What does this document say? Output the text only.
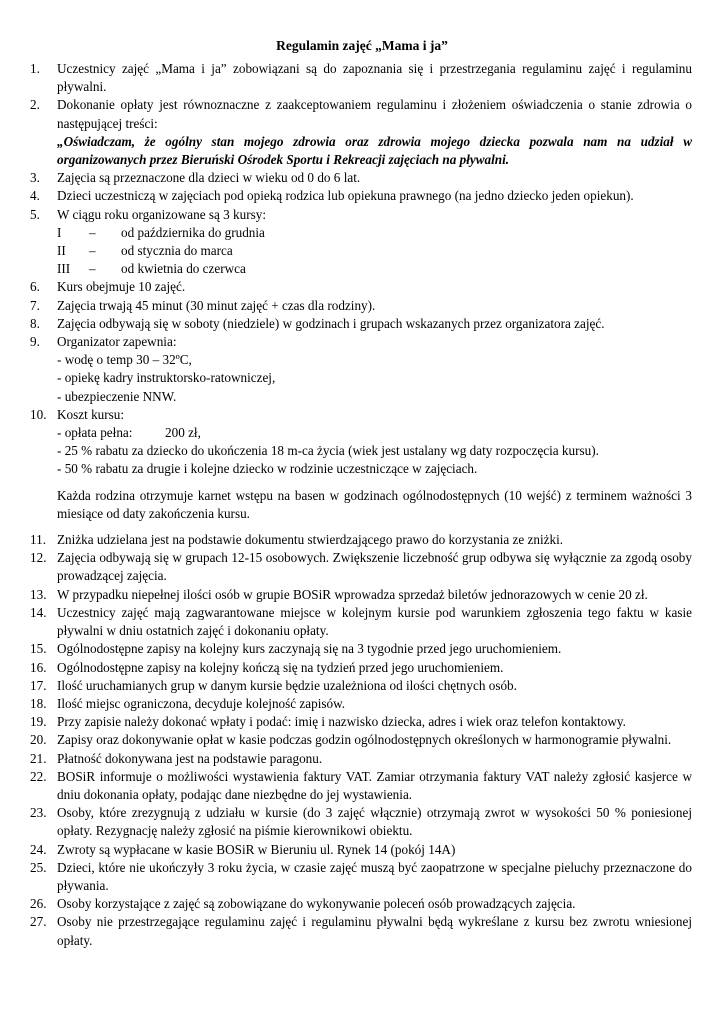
Regulamin zajęć „Mama i ja”
1. Uczestnicy zajęć „Mama i ja” zobowiązani są do zapoznania się i przestrzegania regulaminu zajęć i regulaminu pływalni.

2. Dokonanie opłaty jest równoznaczne z zaakceptowaniem regulaminu i złożeniem oświadczenia o stanie zdrowia o następującej treści:

„Oświadczam, że ogólny stan mojego zdrowia oraz zdrowia mojego dziecka pozwala nam na udział w organizowanych przez Bieruński Ośrodek Sportu i Rekreacji zajęciach na pływalni.

3. Zajęcia są przeznaczone dla dzieci w wieku od 0 do 6 lat.

4. Dzieci uczestniczą w zajęciach pod opieką rodzica lub opiekuna prawnego (na jedno dziecko jeden opiekun).

5. W ciągu roku organizowane są 3 kursy:

I	–	od października do grudnia
II	–	od stycznia do marca
III	–	od kwietnia do czerwca
6. Kurs obejmuje 10 zajęć.

7. Zajęcia trwają 45 minut (30 minut zajęć + czas dla rodziny).

8. Zajęcia odbywają się w soboty (niedziele) w godzinach i grupach wskazanych przez organizatora zajęć.

9. Organizator zapewnia:

- wodę o temp 30 – 32ºC,

- opiekę kadry instruktorsko-ratowniczej,

- ubezpieczenie NNW.

10. Koszt kursu:

- opłata pełna: 200 zł,

- 25 % rabatu za dziecko do ukończenia 18 m-ca życia (wiek jest ustalany wg daty rozpoczęcia kursu).

- 50 % rabatu za drugie i kolejne dziecko w rodzinie uczestniczące w zajęciach.

Każda rodzina otrzymuje karnet wstępu na basen w godzinach ogólnodostępnych (10 wejść) z terminem ważności 3 miesiące od daty zakończenia kursu.

11. Zniżka udzielana jest na podstawie dokumentu stwierdzającego prawo do korzystania ze zniżki.

12. Zajęcia odbywają się w grupach 12-15 osobowych. Zwiększenie liczebność grup odbywa się wyłącznie za zgodą osoby prowadzącej zajęcia.

13. W przypadku niepełnej ilości osób w grupie BOSiR wprowadza sprzedaż biletów jednorazowych w cenie 20 zł.

14. Uczestnicy zajęć mają zagwarantowane miejsce w kolejnym kursie pod warunkiem zgłoszenia tego faktu w kasie pływalni w dniu ostatnich zajęć i dokonaniu opłaty.

15. Ogólnodostępne zapisy na kolejny kurs zaczynają się na 3 tygodnie przed jego uruchomieniem.

16. Ogólnodostępne zapisy na kolejny kończą się na tydzień przed jego uruchomieniem.

17. Ilość uruchamianych grup w danym kursie będzie uzależniona od ilości chętnych osób.

18. Ilość miejsc ograniczona, decyduje kolejność zapisów.

19. Przy zapisie należy dokonać wpłaty i podać: imię i nazwisko dziecka, adres i wiek oraz telefon kontaktowy.

20. Zapisy oraz dokonywanie opłat w kasie podczas godzin ogólnodostępnych określonych w harmonogramie pływalni.

21. Płatność dokonywana jest na podstawie paragonu.

22. BOSiR informuje o możliwości wystawienia faktury VAT. Zamiar otrzymania faktury VAT należy zgłosić kasjerce w dniu dokonania opłaty, podając dane niezbędne do jej wystawienia.

23. Osoby, które zrezygnują z udziału w kursie (do 3 zajęć włącznie) otrzymają zwrot w wysokości 50 % poniesionej opłaty. Rezygnację należy zgłosić na piśmie kierownikowi obiektu.

24. Zwroty są wypłacane w kasie BOSiR w Bieruniu ul. Rynek 14 (pokój 14A)

25. Dzieci, które nie ukończyły 3 roku życia, w czasie zajęć muszą być zaopatrzone w specjalne pieluchy przeznaczone do pływania.

26. Osoby korzystające z zajęć są zobowiązane do wykonywanie poleceń osób prowadzących zajęcia.

27. Osoby nie przestrzegające regulaminu zajęć i regulaminu pływalni będą wykreślane z kursu bez zwrotu wniesionej opłaty.
